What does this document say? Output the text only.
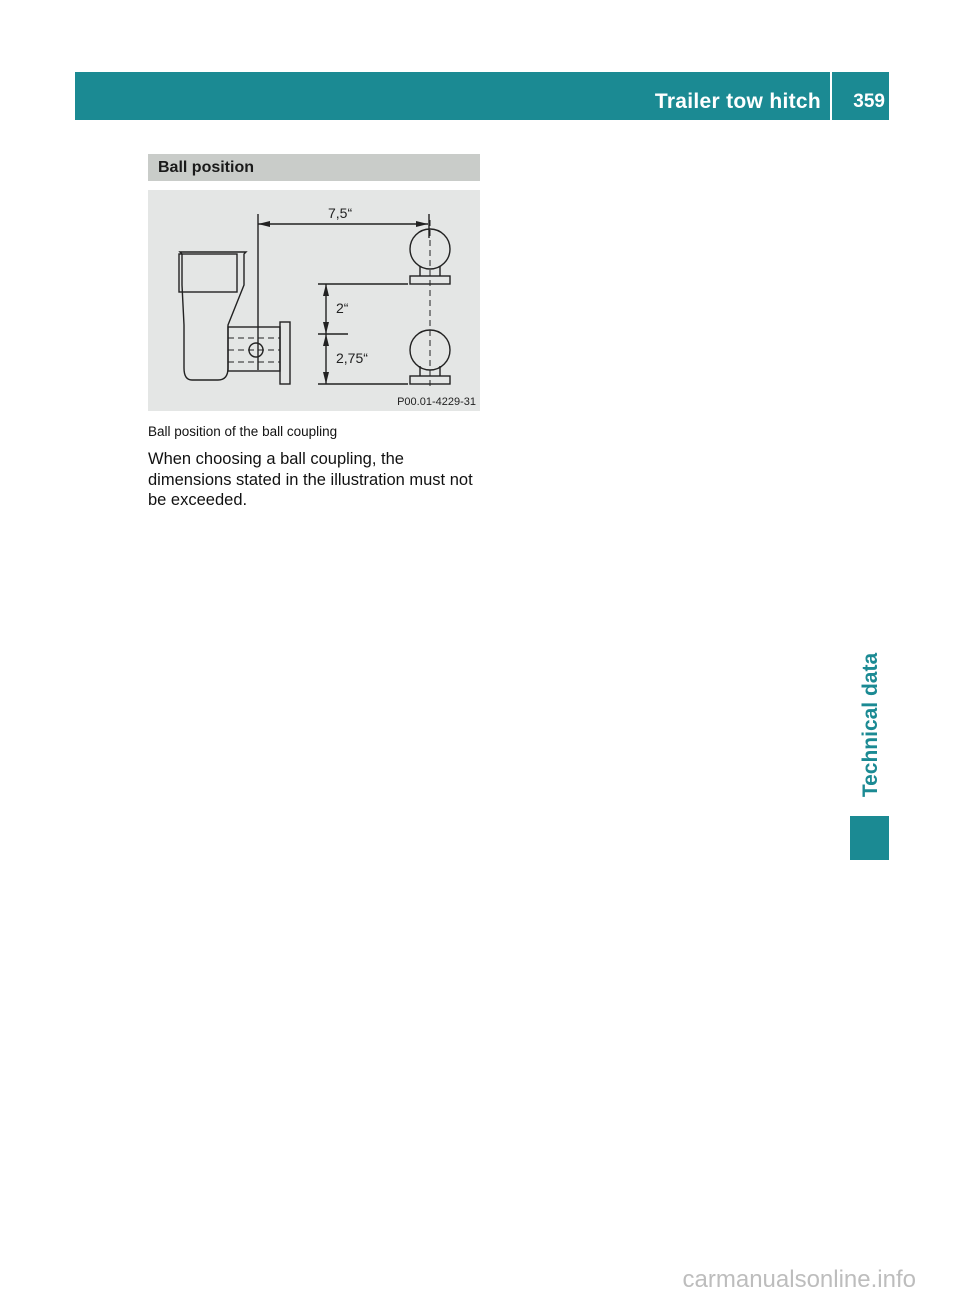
Trailer tow hitch 359
Ball position
7,5“
2“
2,75“
P00.01-4229-31
Ball position of the ball coupling
When choosing a ball coupling, the dimensions stated in the illustration must not be exceeded.
Technical data
carmanualsonline.info
